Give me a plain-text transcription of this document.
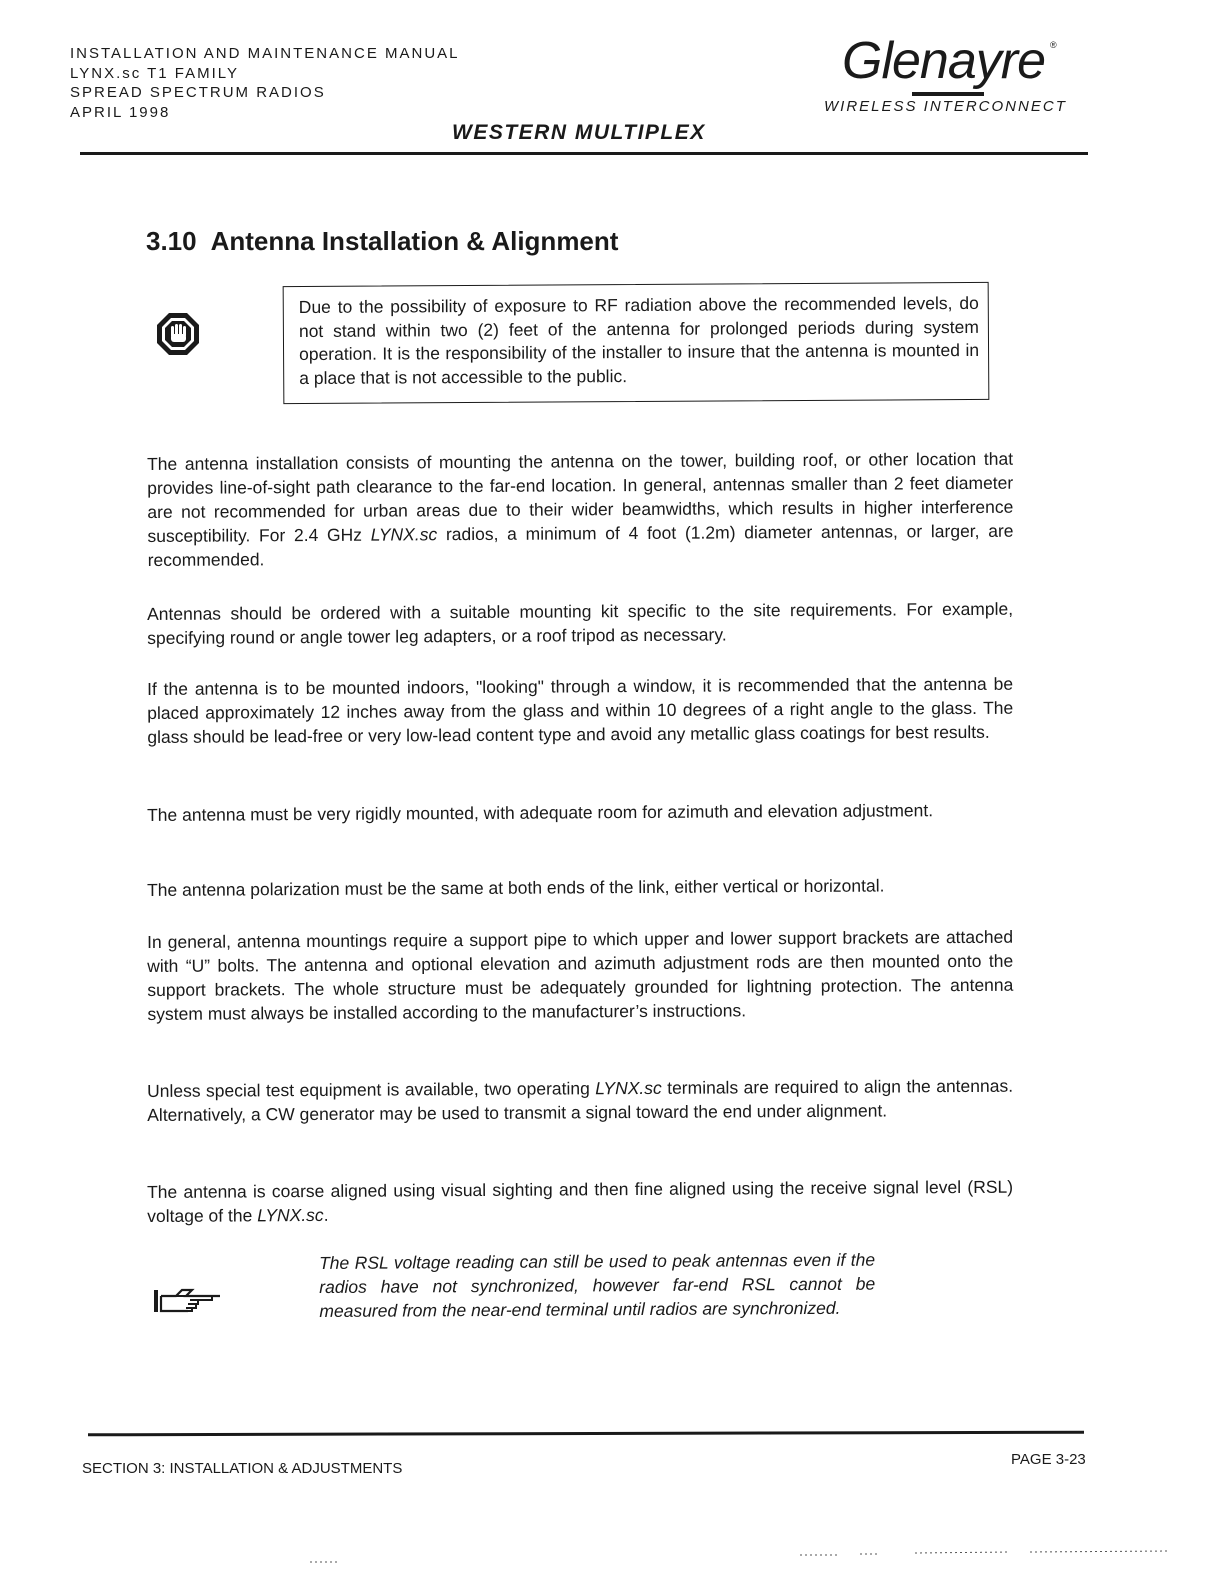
INSTALLATION AND MAINTENANCE MANUAL
LYNX.sc T1 FAMILY
SPREAD SPECTRUM RADIOS
APRIL 1998
Glenayre ®
WIRELESS INTERCONNECT
WESTERN MULTIPLEX
3.10 Antenna Installation & Alignment
Due to the possibility of exposure to RF radiation above the recommended levels, do not stand within two (2) feet of the antenna for prolonged periods during system operation. It is the responsibility of the installer to insure that the antenna is mounted in a place that is not accessible to the public.
The antenna installation consists of mounting the antenna on the tower, building roof, or other location that provides line-of-sight path clearance to the far-end location. In general, antennas smaller than 2 feet diameter are not recommended for urban areas due to their wider beamwidths, which results in higher interference susceptibility. For 2.4 GHz LYNX.sc radios, a minimum of 4 foot (1.2m) diameter antennas, or larger, are recommended.
Antennas should be ordered with a suitable mounting kit specific to the site requirements. For example, specifying round or angle tower leg adapters, or a roof tripod as necessary.
If the antenna is to be mounted indoors, "looking" through a window, it is recommended that the antenna be placed approximately 12 inches away from the glass and within 10 degrees of a right angle to the glass. The glass should be lead-free or very low-lead content type and avoid any metallic glass coatings for best results.
The antenna must be very rigidly mounted, with adequate room for azimuth and elevation adjustment.
The antenna polarization must be the same at both ends of the link, either vertical or horizontal.
In general, antenna mountings require a support pipe to which upper and lower support brackets are attached with “U” bolts. The antenna and optional elevation and azimuth adjustment rods are then mounted onto the support brackets. The whole structure must be adequately grounded for lightning protection. The antenna system must always be installed according to the manufacturer’s instructions.
Unless special test equipment is available, two operating LYNX.sc terminals are required to align the antennas. Alternatively, a CW generator may be used to transmit a signal toward the end under alignment.
The antenna is coarse aligned using visual sighting and then fine aligned using the receive signal level (RSL) voltage of the LYNX.sc.
The RSL voltage reading can still be used to peak antennas even if the radios have not synchronized, however far-end RSL cannot be measured from the near-end terminal until radios are synchronized.
SECTION 3: INSTALLATION & ADJUSTMENTS
PAGE 3-23
